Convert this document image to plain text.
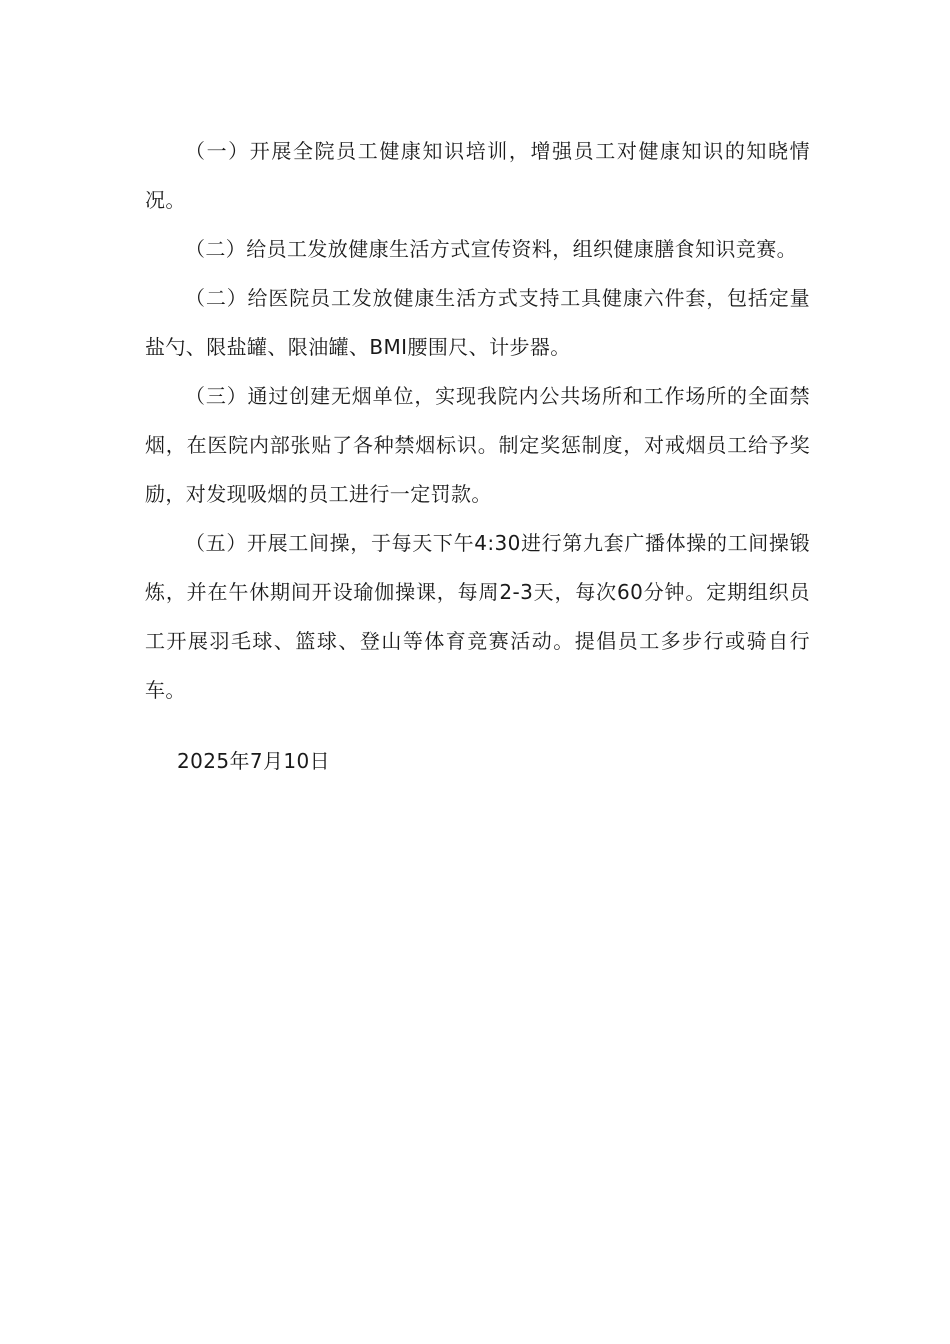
（一）开展全院员工健康知识培训，增强员工对健康知识的知晓情况。

（二）给员工发放健康生活方式宣传资料，组织健康膳食知识竞赛。

（二）给医院员工发放健康生活方式支持工具健康六件套，包括定量盐勺、限盐罐、限油罐、BMI腰围尺、计步器。

（三）通过创建无烟单位，实现我院内公共场所和工作场所的全面禁烟，在医院内部张贴了各种禁烟标识。制定奖惩制度，对戒烟员工给予奖励，对发现吸烟的员工进行一定罚款。

（五）开展工间操，于每天下午4:30进行第九套广播体操的工间操锻炼，并在午休期间开设瑜伽操课，每周2-3天，每次60分钟。定期组织员工开展羽毛球、篮球、登山等体育竞赛活动。提倡员工多步行或骑自行车。

2025年7月10日
